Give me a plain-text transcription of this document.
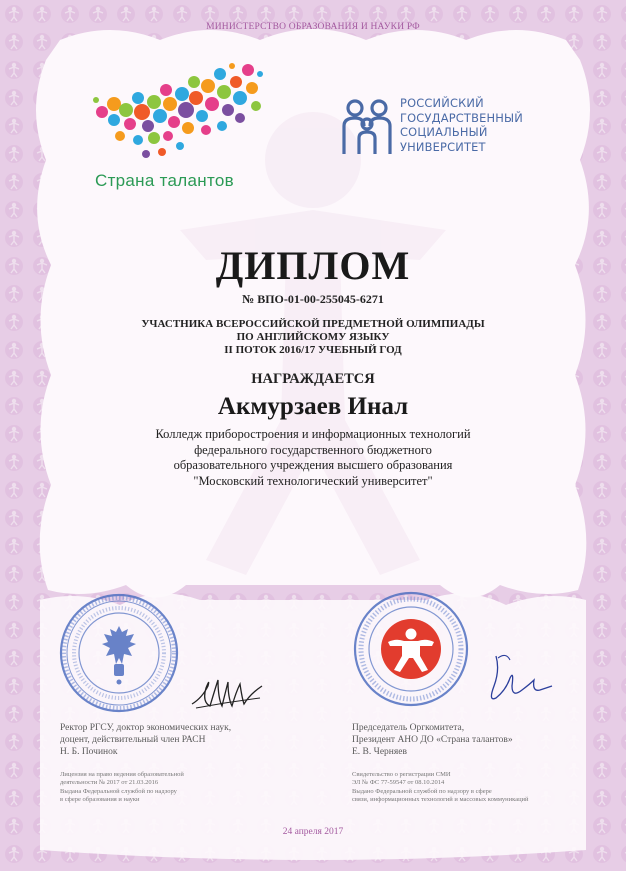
МИНИСТЕРСТВО ОБРАЗОВАНИЯ И НАУКИ РФ
Страна талантов
РОССИЙСКИЙ
ГОСУДАРСТВЕННЫЙ
СОЦИАЛЬНЫЙ
УНИВЕРСИТЕТ
ДИПЛОМ
№ ВПО-01-00-255045-6271
УЧАСТНИКА ВСЕРОССИЙСКОЙ ПРЕДМЕТНОЙ ОЛИМПИАДЫ
ПО АНГЛИЙСКОМУ ЯЗЫКУ
II ПОТОК 2016/17 УЧЕБНЫЙ ГОД
НАГРАЖДАЕТСЯ
Акмурзаев Инал
Колледж приборостроения и информационных технологий
федерального государственного бюджетного
образовательного учреждения высшего образования
"Московский технологический университет"
Ректор РГСУ, доктор экономических наук,
доцент, действительный член РАСН
Н. Б. Починок
Председатель Оргкомитета,
Президент АНО ДО «Страна талантов»
Е. В. Черняев
Лицензия на право ведения образовательной
деятельности № 2017 от 21.03.2016
Выдана Федеральной службой по надзору
в сфере образования и науки
Свидетельство о регистрации СМИ
ЭЛ № ФС 77-59547 от 08.10.2014
Выдано Федеральной службой по надзору в сфере
связи, информационных технологий и массовых коммуникаций
24 апреля 2017
